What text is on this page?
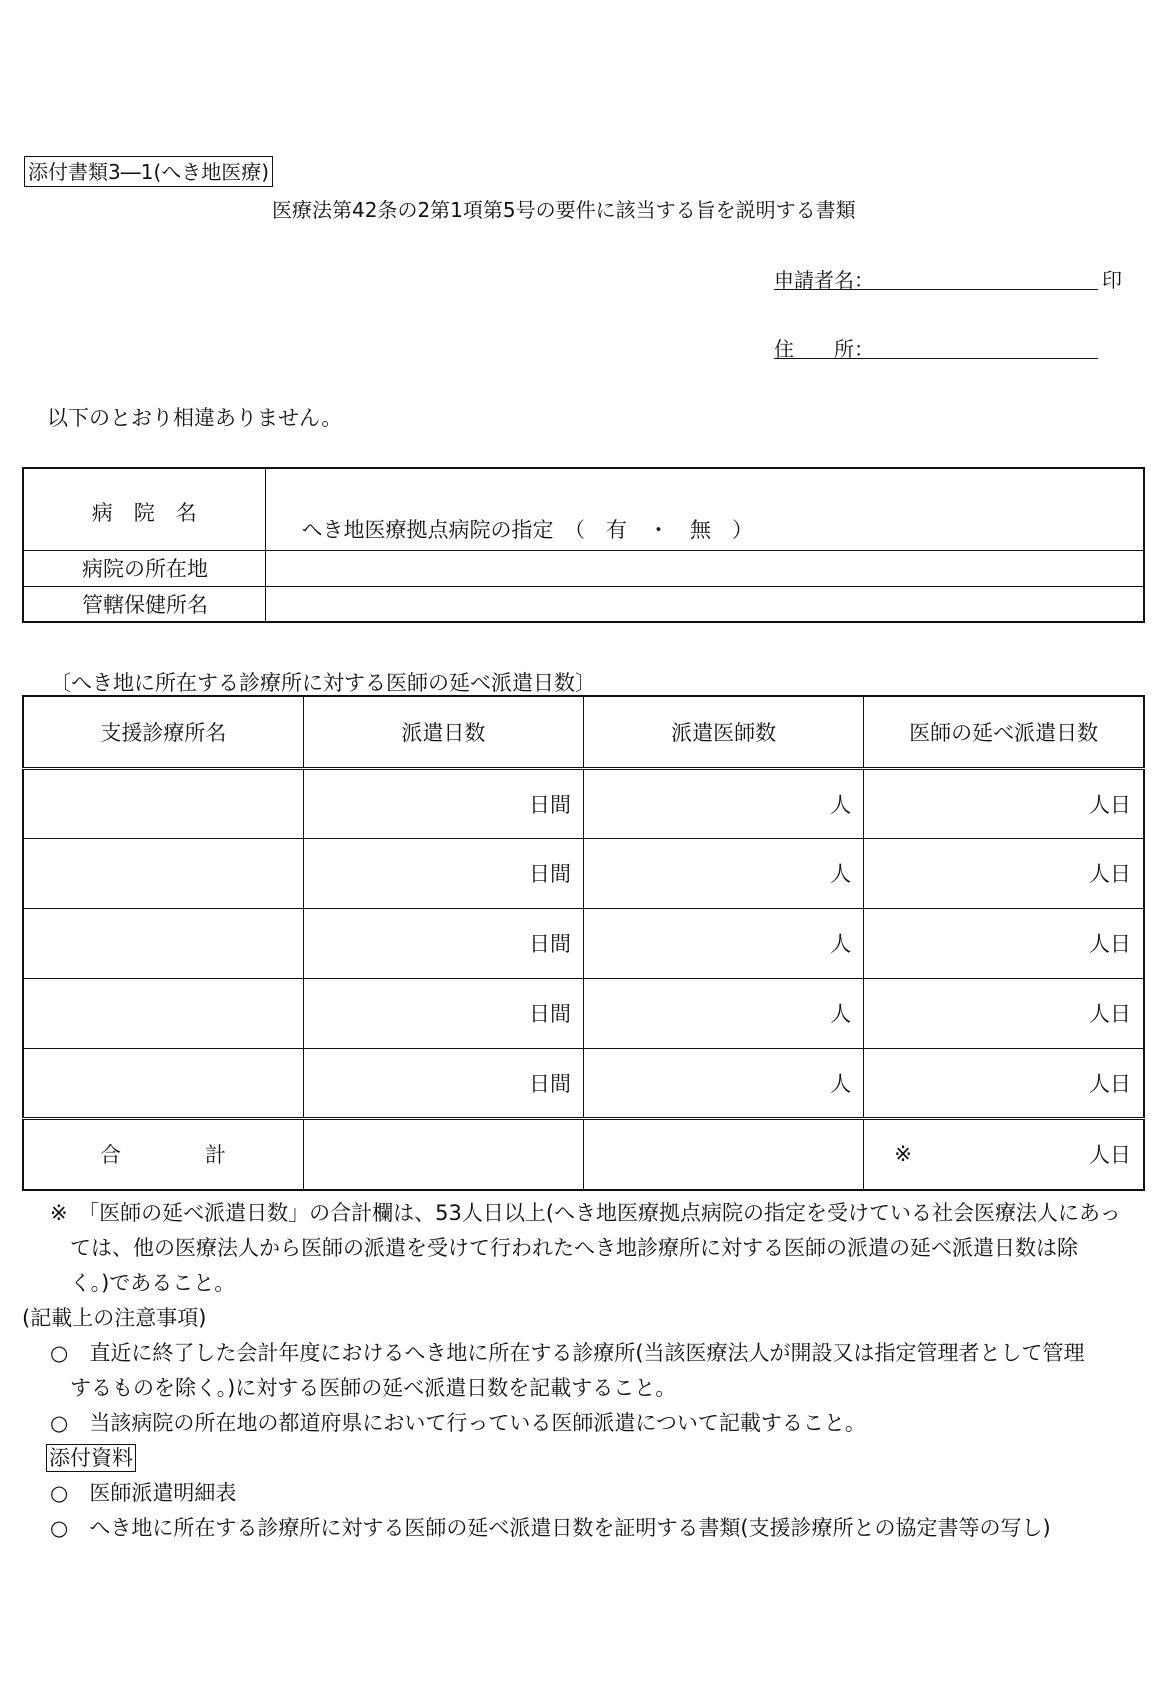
添付書類3―1(へき地医療)
医療法第42条の2第1項第5号の要件に該当する旨を説明する書類
申請者名：	印
住　　所：
以下のとおり相違ありません。
病　院　名	へき地医療拠点病院の指定　（　有　・　無　）
病院の所在地	
管轄保健所名	
〔へき地に所在する診療所に対する医師の延べ派遣日数〕
支援診療所名	派遣日数	派遣医師数	医師の延べ派遣日数
	日間	人	人日
	日間	人	人日
	日間	人	人日
	日間	人	人日
	日間	人	人日
合　　　　計			※ 人日
※　「医師の延べ派遣日数」の合計欄は、53人日以上(へき地医療拠点病院の指定を受けている社会医療法人にあっ
ては、他の医療法人から医師の派遣を受けて行われたへき地診療所に対する医師の派遣の延べ派遣日数は除
く。)であること。
(記載上の注意事項)
○　直近に終了した会計年度におけるへき地に所在する診療所(当該医療法人が開設又は指定管理者として管理
するものを除く。)に対する医師の延べ派遣日数を記載すること。
○　当該病院の所在地の都道府県において行っている医師派遣について記載すること。
添付資料
○　医師派遣明細表
○　へき地に所在する診療所に対する医師の延べ派遣日数を証明する書類(支援診療所との協定書等の写し)
